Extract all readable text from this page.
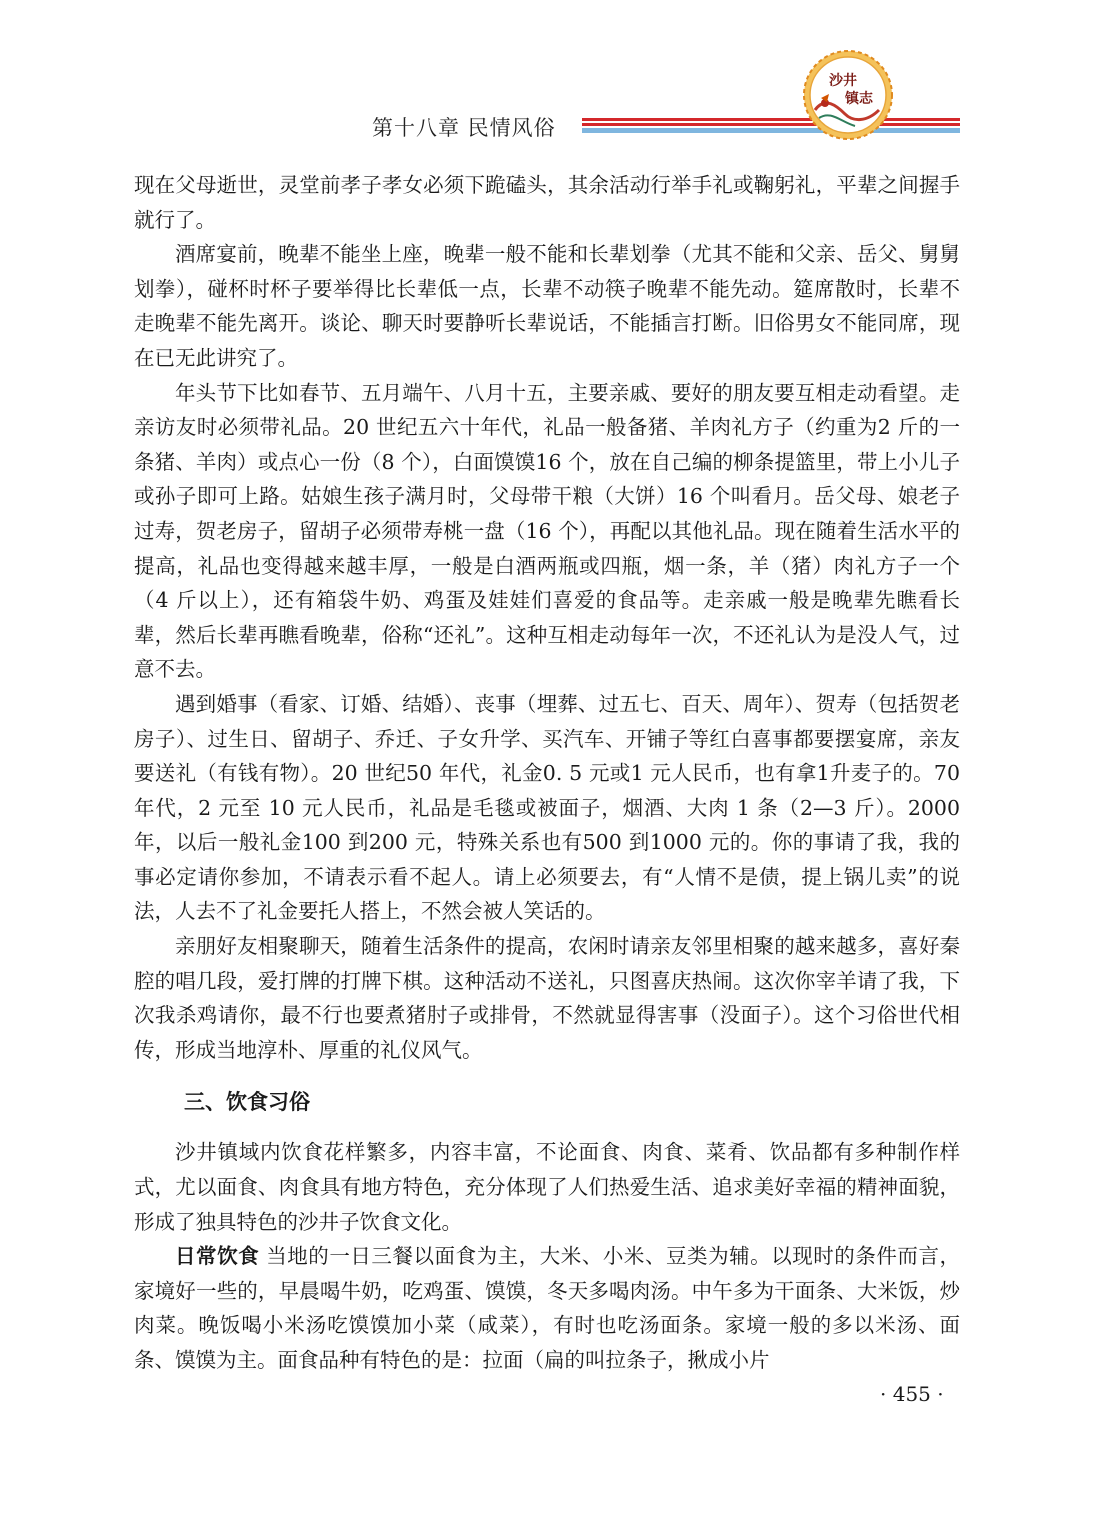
第十八章 民情风俗
沙井
镇志

现在父母逝世，灵堂前孝子孝女必须下跪磕头，其余活动行举手礼或鞠躬礼，平辈之间握手就行了。

酒席宴前，晚辈不能坐上座，晚辈一般不能和长辈划拳（尤其不能和父亲、岳父、舅舅划拳），碰杯时杯子要举得比长辈低一点，长辈不动筷子晚辈不能先动。筵席散时，长辈不走晚辈不能先离开。谈论、聊天时要静听长辈说话，不能插言打断。旧俗男女不能同席，现在已无此讲究了。

年头节下比如春节、五月端午、八月十五，主要亲戚、要好的朋友要互相走动看望。走亲访友时必须带礼品。20 世纪五六十年代，礼品一般备猪、羊肉礼方子（约重为2 斤的一条猪、羊肉）或点心一份（8 个），白面馍馍16 个，放在自己编的柳条提篮里，带上小儿子或孙子即可上路。姑娘生孩子满月时，父母带干粮（大饼）16 个叫看月。岳父母、娘老子过寿，贺老房子，留胡子必须带寿桃一盘（16 个），再配以其他礼品。现在随着生活水平的提高，礼品也变得越来越丰厚，一般是白酒两瓶或四瓶，烟一条，羊（猪）肉礼方子一个（4 斤以上），还有箱袋牛奶、鸡蛋及娃娃们喜爱的食品等。走亲戚一般是晚辈先瞧看长辈，然后长辈再瞧看晚辈，俗称“还礼”。这种互相走动每年一次，不还礼认为是没人气，过意不去。

遇到婚事（看家、订婚、结婚）、丧事（埋葬、过五七、百天、周年）、贺寿（包括贺老房子）、过生日、留胡子、乔迁、子女升学、买汽车、开铺子等红白喜事都要摆宴席，亲友要送礼（有钱有物）。20 世纪50 年代，礼金0. 5 元或1 元人民币，也有拿1升麦子的。70 年代，2 元至 10 元人民币，礼品是毛毯或被面子，烟酒、大肉 1 条（2—3 斤）。2000 年，以后一般礼金100 到200 元，特殊关系也有500 到1000 元的。你的事请了我，我的事必定请你参加，不请表示看不起人。请上必须要去，有“人情不是债，提上锅儿卖”的说法，人去不了礼金要托人搭上，不然会被人笑话的。

亲朋好友相聚聊天，随着生活条件的提高，农闲时请亲友邻里相聚的越来越多，喜好秦腔的唱几段，爱打牌的打牌下棋。这种活动不送礼，只图喜庆热闹。这次你宰羊请了我，下次我杀鸡请你，最不行也要煮猪肘子或排骨，不然就显得害事（没面子）。这个习俗世代相传，形成当地淳朴、厚重的礼仪风气。

三、饮食习俗

沙井镇域内饮食花样繁多，内容丰富，不论面食、肉食、菜肴、饮品都有多种制作样式，尤以面食、肉食具有地方特色，充分体现了人们热爱生活、追求美好幸福的精神面貌，形成了独具特色的沙井子饮食文化。

日常饮食 当地的一日三餐以面食为主，大米、小米、豆类为辅。以现时的条件而言，家境好一些的，早晨喝牛奶，吃鸡蛋、馍馍，冬天多喝肉汤。中午多为干面条、大米饭，炒肉菜。晚饭喝小米汤吃馍馍加小菜（咸菜），有时也吃汤面条。家境一般的多以米汤、面条、馍馍为主。面食品种有特色的是：拉面（扁的叫拉条子，揪成小片

· 455 ·
